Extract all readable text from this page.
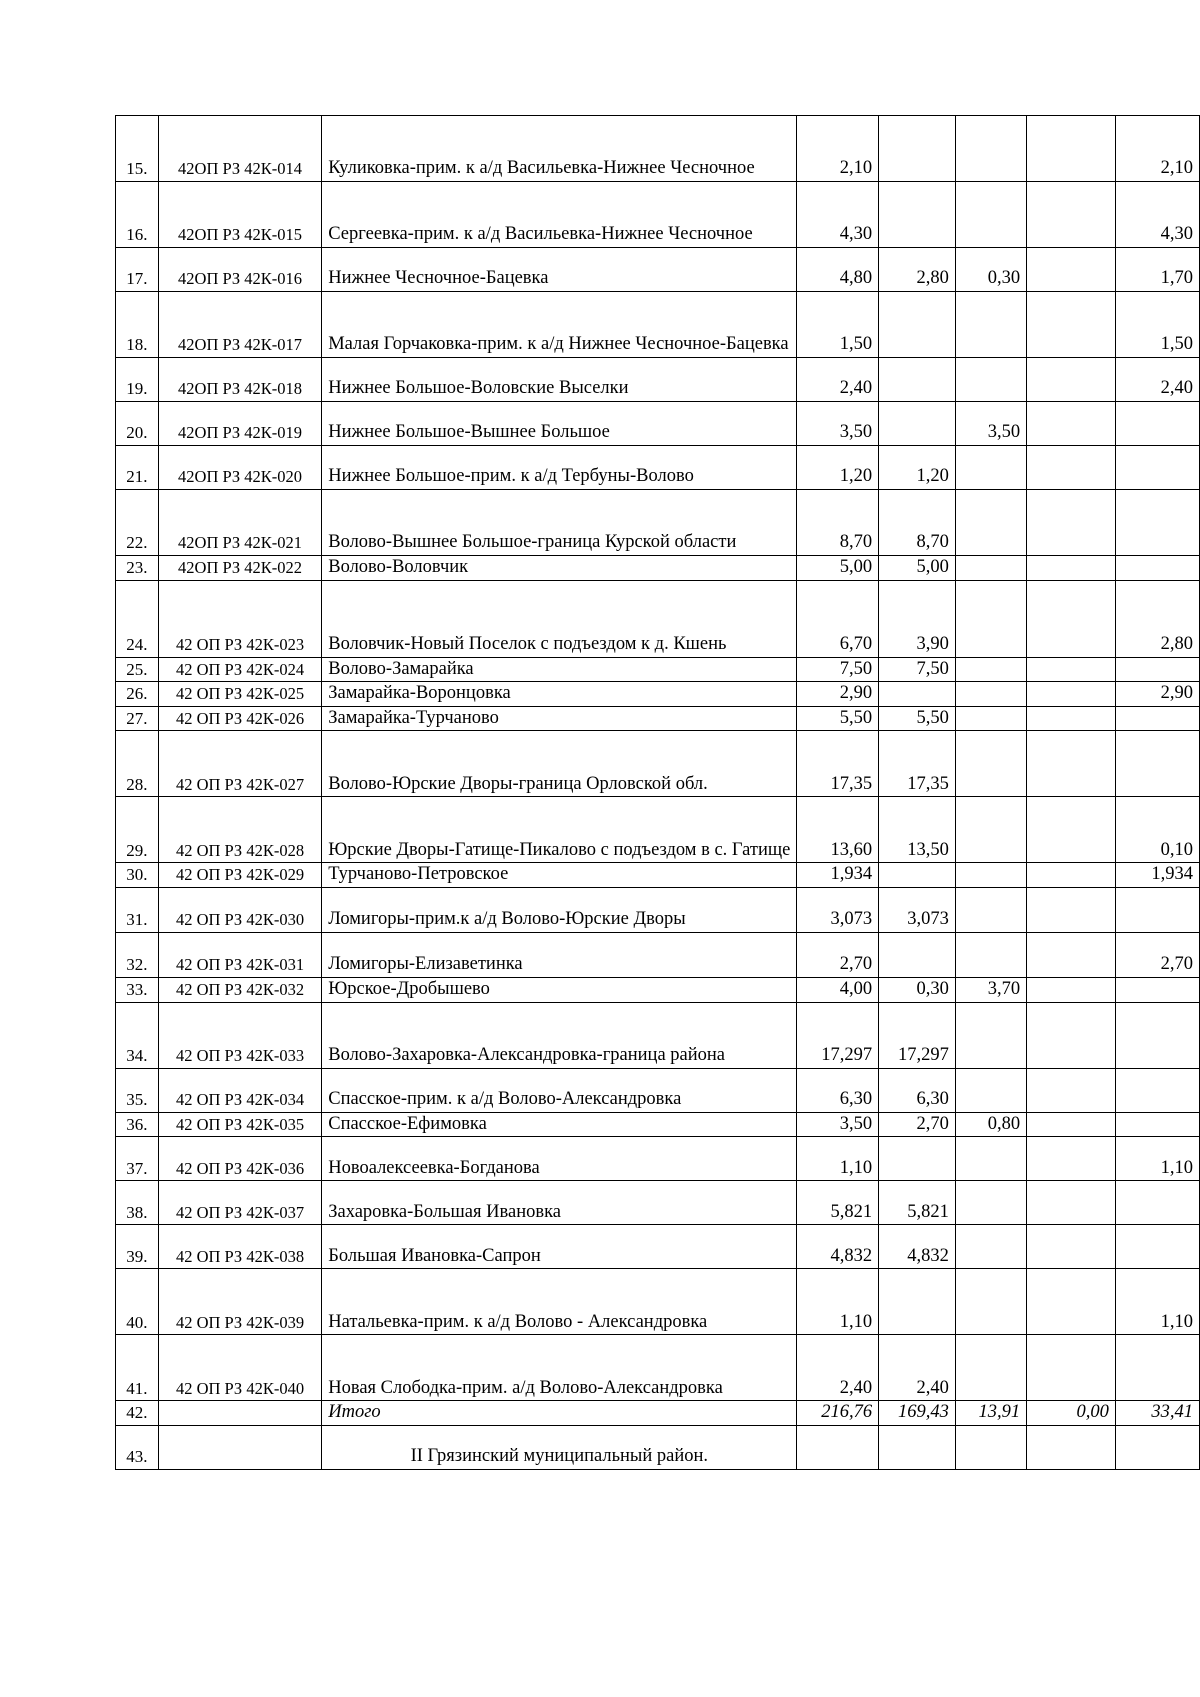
15.	42ОП РЗ 42К-014	Куликовка-прим. к а/д Васильевка-Нижнее Чесночное	2,10				2,10
16.	42ОП РЗ 42К-015	Сергеевка-прим. к а/д Васильевка-Нижнее Чесночное	4,30				4,30
17.	42ОП РЗ 42К-016	Нижнее Чесночное-Бацевка	4,80	2,80	0,30		1,70
18.	42ОП РЗ 42К-017	Малая Горчаковка-прим. к а/д Нижнее Чесночное-Бацевка	1,50				1,50
19.	42ОП РЗ 42К-018	Нижнее Большое-Воловские Выселки	2,40				2,40
20.	42ОП РЗ 42К-019	Нижнее Большое-Вышнее Большое	3,50		3,50		
21.	42ОП РЗ 42К-020	Нижнее Большое-прим. к а/д Тербуны-Волово	1,20	1,20			
22.	42ОП РЗ 42К-021	Волово-Вышнее Большое-граница Курской области	8,70	8,70			
23.	42ОП РЗ 42К-022	Волово-Воловчик	5,00	5,00			
24.	42 ОП РЗ 42К-023	Воловчик-Новый Поселок с подъездом к д. Кшень	6,70	3,90			2,80
25.	42 ОП РЗ 42К-024	Волово-Замарайка	7,50	7,50			
26.	42 ОП РЗ 42К-025	Замарайка-Воронцовка	2,90				2,90
27.	42 ОП РЗ 42К-026	Замарайка-Турчаново	5,50	5,50			
28.	42 ОП РЗ 42К-027	Волово-Юрские Дворы-граница Орловской обл.	17,35	17,35			
29.	42 ОП РЗ 42К-028	Юрские Дворы-Гатище-Пикалово с подъездом в с. Гатище	13,60	13,50			0,10
30.	42 ОП РЗ 42К-029	Турчаново-Петровское	1,934				1,934
31.	42 ОП РЗ 42К-030	Ломигоры-прим.к а/д Волово-Юрские Дворы	3,073	3,073			
32.	42 ОП РЗ 42К-031	Ломигоры-Елизаветинка	2,70				2,70
33.	42 ОП РЗ 42К-032	Юрское-Дробышево	4,00	0,30	3,70		
34.	42 ОП РЗ 42К-033	Волово-Захаровка-Александровка-граница района	17,297	17,297			
35.	42 ОП РЗ 42К-034	Спасское-прим. к а/д Волово-Александровка	6,30	6,30			
36.	42 ОП РЗ 42К-035	Спасское-Ефимовка	3,50	2,70	0,80		
37.	42 ОП РЗ 42К-036	Новоалексеевка-Богданова	1,10				1,10
38.	42 ОП РЗ 42К-037	Захаровка-Большая Ивановка	5,821	5,821			
39.	42 ОП РЗ 42К-038	Большая Ивановка-Сапрон	4,832	4,832			
40.	42 ОП РЗ 42К-039	Натальевка-прим. к а/д Волово - Александровка	1,10				1,10
41.	42 ОП РЗ 42К-040	Новая Слободка-прим. а/д Волово-Александровка	2,40	2,40			
42.		Итого	216,76	169,43	13,91	0,00	33,41
43.		II Грязинский муниципальный район.					
